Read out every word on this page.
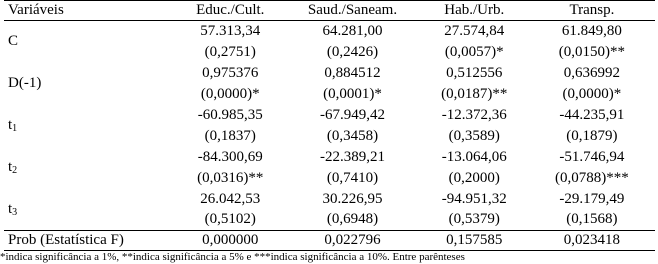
Variáveis	Educ./Cult.	Saud./Saneam.	Hab./Urb.	Transp.
C	57.313,34	64.281,00	27.574,84	61.849,80
	(0,2751)	(0,2426)	(0,0057)*	(0,0150)**
D(-1)	0,975376	0,884512	0,512556	0,636992
	(0,0000)*	(0,0001)*	(0,0187)**	(0,0000)*
$t_1$	-60.985,35	-67.949,42	-12.372,36	-44.235,91
	(0,1837)	(0,3458)	(0,3589)	(0,1879)
$t_2$	-84.300,69	-22.389,21	-13.064,06	-51.746,94
	(0,0316)**	(0,7410)	(0,2000)	(0,0788)***
$t_3$	26.042,53	30.226,95	-94.951,32	-29.179,49
	(0,5102)	(0,6948)	(0,5379)	(0,1568)
Prob (Estatística F)	0,000000	0,022796	0,157585	0,023418
*indica significância a 1%, **indica significância a 5% e ***indica significância a 10%. Entre parênteses
